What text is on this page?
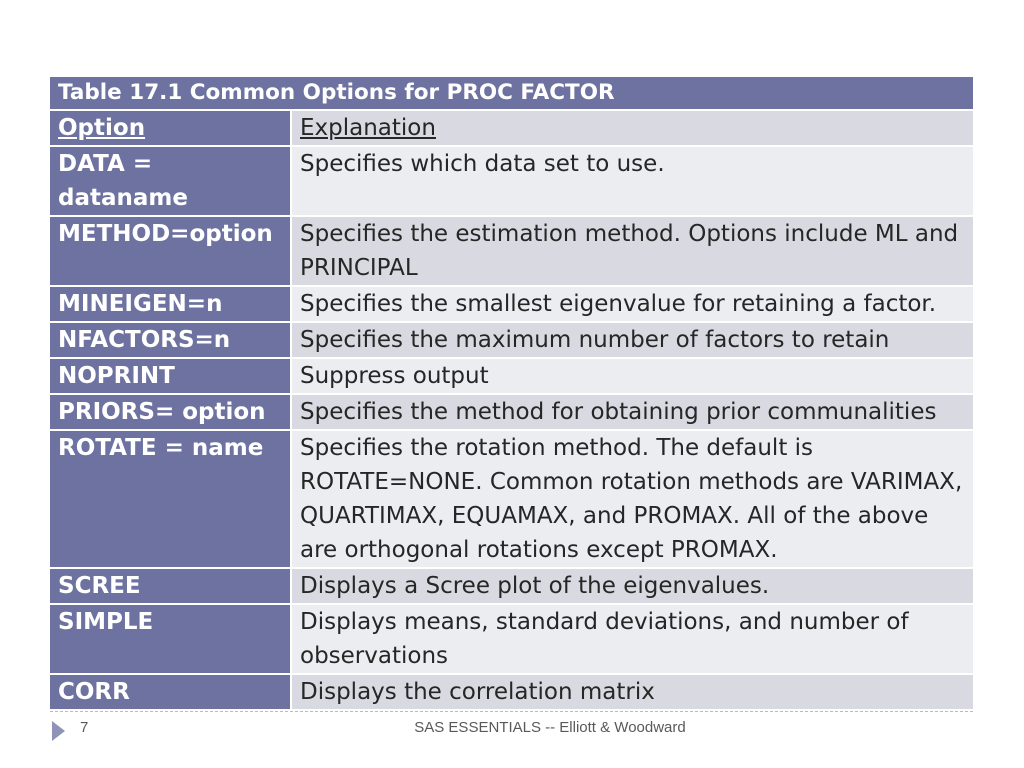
Table 17.1 Common Options for PROC FACTOR	
Option	Explanation
DATA = dataname	Specifies which data set to use.
METHOD=option	Specifies the estimation method. Options include ML and PRINCIPAL
MINEIGEN=n	Specifies the smallest eigenvalue for retaining a factor.
NFACTORS=n	Specifies the maximum number of factors to retain
NOPRINT	Suppress output
PRIORS= option	Specifies the method for obtaining prior communalities
ROTATE = name	Specifies the rotation method. The default is ROTATE=NONE. Common rotation methods are VARIMAX, QUARTIMAX, EQUAMAX, and PROMAX. All of the above are orthogonal rotations except PROMAX.
SCREE	Displays a Scree plot of the eigenvalues.
SIMPLE	Displays means, standard deviations, and number of observations
CORR	Displays the correlation matrix
7	SAS ESSENTIALS -- Elliott & Woodward
